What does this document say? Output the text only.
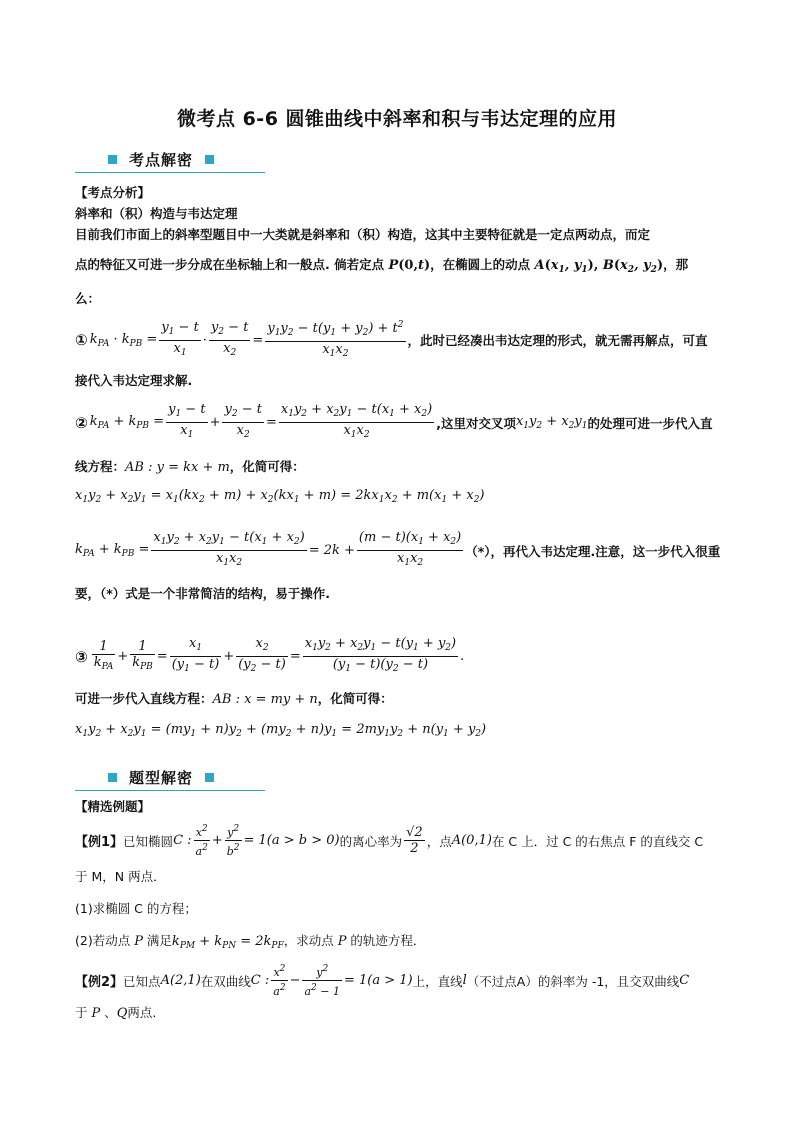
微考点 6-6 圆锥曲线中斜率和积与韦达定理的应用
考点解密
【考点分析】
斜率和（积）构造与韦达定理
目前我们市面上的斜率型题目中一大类就是斜率和（积）构造，这其中主要特征就是一定点两动点，而定
点的特征又可进一步分成在坐标轴上和一般点. 倘若定点 P(0,t)，在椭圆上的动点 $A(x_1$, $y_1$), $B(x_2$, $y_2$)，那
么：
① $k_{PA} \cdot k_{PB} = \frac{y_1 - t}{x_1} \cdot \frac{y_2 - t}{x_2} = \frac{y_1y_2 - t(y_1 + y_2) + t^2}{x_1x_2}$ ，此时已经凑出韦达定理的形式，就无需再解点，可直
接代入韦达定理求解.
② $k_{PA} + k_{PB} = \frac{y_1 - t}{x_1} + \frac{y_2 - t}{x_2} = \frac{x_1y_2 + x_2y_1 - t(x_1 + x_2)}{x_1x_2}$ ,这里对交叉项 $x_1y_2 + x_2y_1$ 的处理可进一步代入直
线方程：AB : y = kx + m，化简可得：
$x_1y_2 + x_2y_1 = x_1(kx_2 + m) + x_2(kx_1 + m) = 2kx_1x_2 + m(x_1 + x_2)$
$k_{PA} + k_{PB} = \frac{x_1y_2 + x_2y_1 - t(x_1 + x_2)}{x_1x_2} = 2k + \frac{(m - t)(x_1 + x_2)}{x_1x_2}$ （*），再代入韦达定理.注意，这一步代入很重
要，（*）式是一个非常简洁的结构，易于操作.
③
1
$k_{PA}$
+
1
$k_{PB}$
= $\frac{x_1}{(y_1 - t)} + \frac{x_2}{(y_2 - t)} = \frac{x_1y_2 + x_2y_1 - t(y_1 + y_2)}{(y_1 - t)(y_2 - t)}$ .
可进一步代入直线方程：AB : x = my + n，化简可得：
$x_1y_2 + x_2y_1 = (my_1 + n)y_2 + (my_2 + n)y_1 = 2my_1y_2 + n(y_1 + y_2)$
题型解密
【精选例题】
【例1】 已知椭圆 C :
$x^2$
$a^2 + \frac{y^2}{b^2} = 1(a > b > 0)$ 的离心率为
√2
2 ，点 A(0,1) 在 C 上．过 C 的右焦点 F 的直线交 C
于 M，N 两点．
(1)求椭圆 C 的方程；
(2)若动点 P 满足$k_{PM} + k_{PN} = 2k_{PF}$，求动点 P 的轨迹方程．
【例2】 已知点 A(2,1) 在双曲线 C :
$x^2$
$a^2 - \frac{y^2}{a^2 - 1} = 1(a > 1)$ 上，直线 l （不过点A）的斜率为 -1，且交双曲线 C
于 P 、Q两点.
